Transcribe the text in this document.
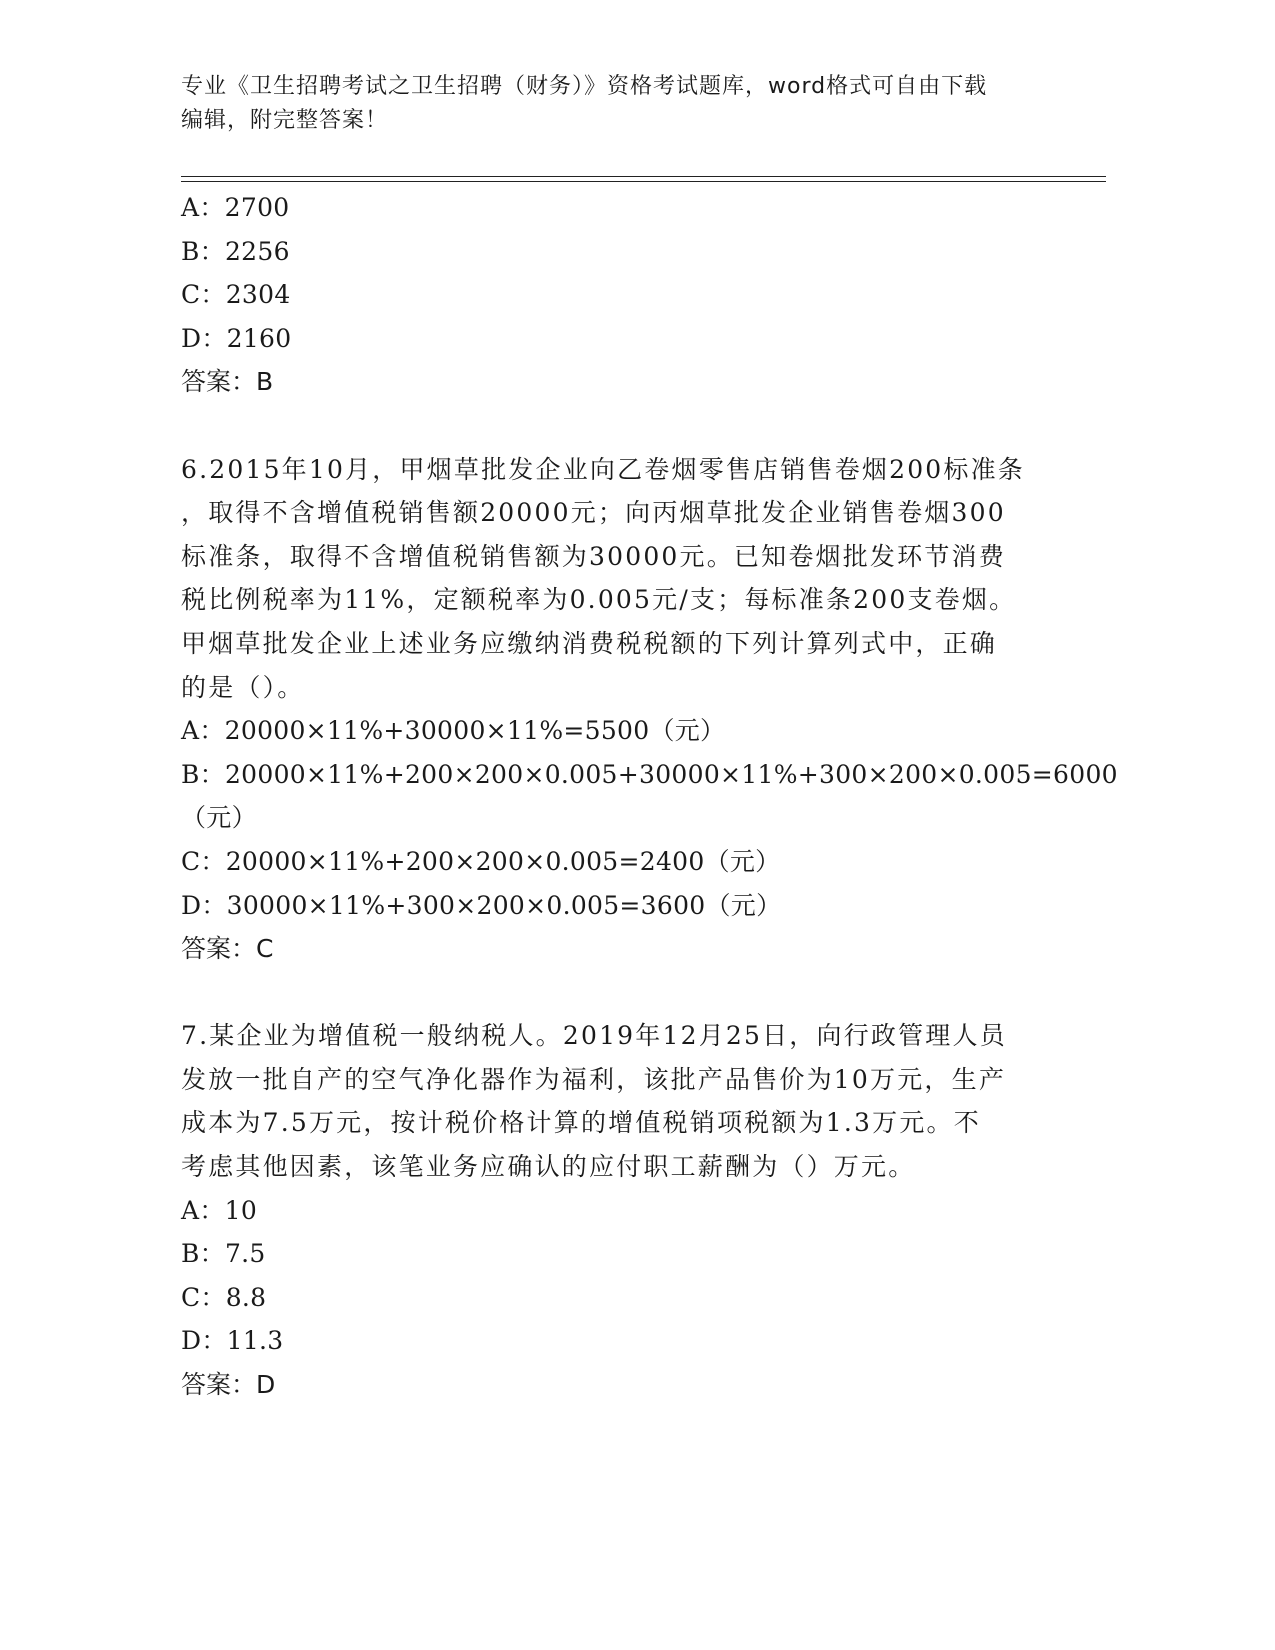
专业《卫生招聘考试之卫生招聘（财务）》资格考试题库，word格式可自由下载
编辑，附完整答案！
A：2700
B：2256
C：2304
D：2160
答案：B
6.2015年10月，甲烟草批发企业向乙卷烟零售店销售卷烟200标准条
，取得不含增值税销售额20000元；向丙烟草批发企业销售卷烟300
标准条，取得不含增值税销售额为30000元。已知卷烟批发环节消费
税比例税率为11%，定额税率为0.005元/支；每标准条200支卷烟。
甲烟草批发企业上述业务应缴纳消费税税额的下列计算列式中，正确
的是（）。
A：20000×11%+30000×11%=5500（元）
B：20000×11%+200×200×0.005+30000×11%+300×200×0.005=6000
（元）
C：20000×11%+200×200×0.005=2400（元）
D：30000×11%+300×200×0.005=3600（元）
答案：C
7.某企业为增值税一般纳税人。2019年12月25日，向行政管理人员
发放一批自产的空气净化器作为福利，该批产品售价为10万元，生产
成本为7.5万元，按计税价格计算的增值税销项税额为1.3万元。不
考虑其他因素，该笔业务应确认的应付职工薪酬为（）万元。
A：10
B：7.5
C：8.8
D：11.3
答案：D
